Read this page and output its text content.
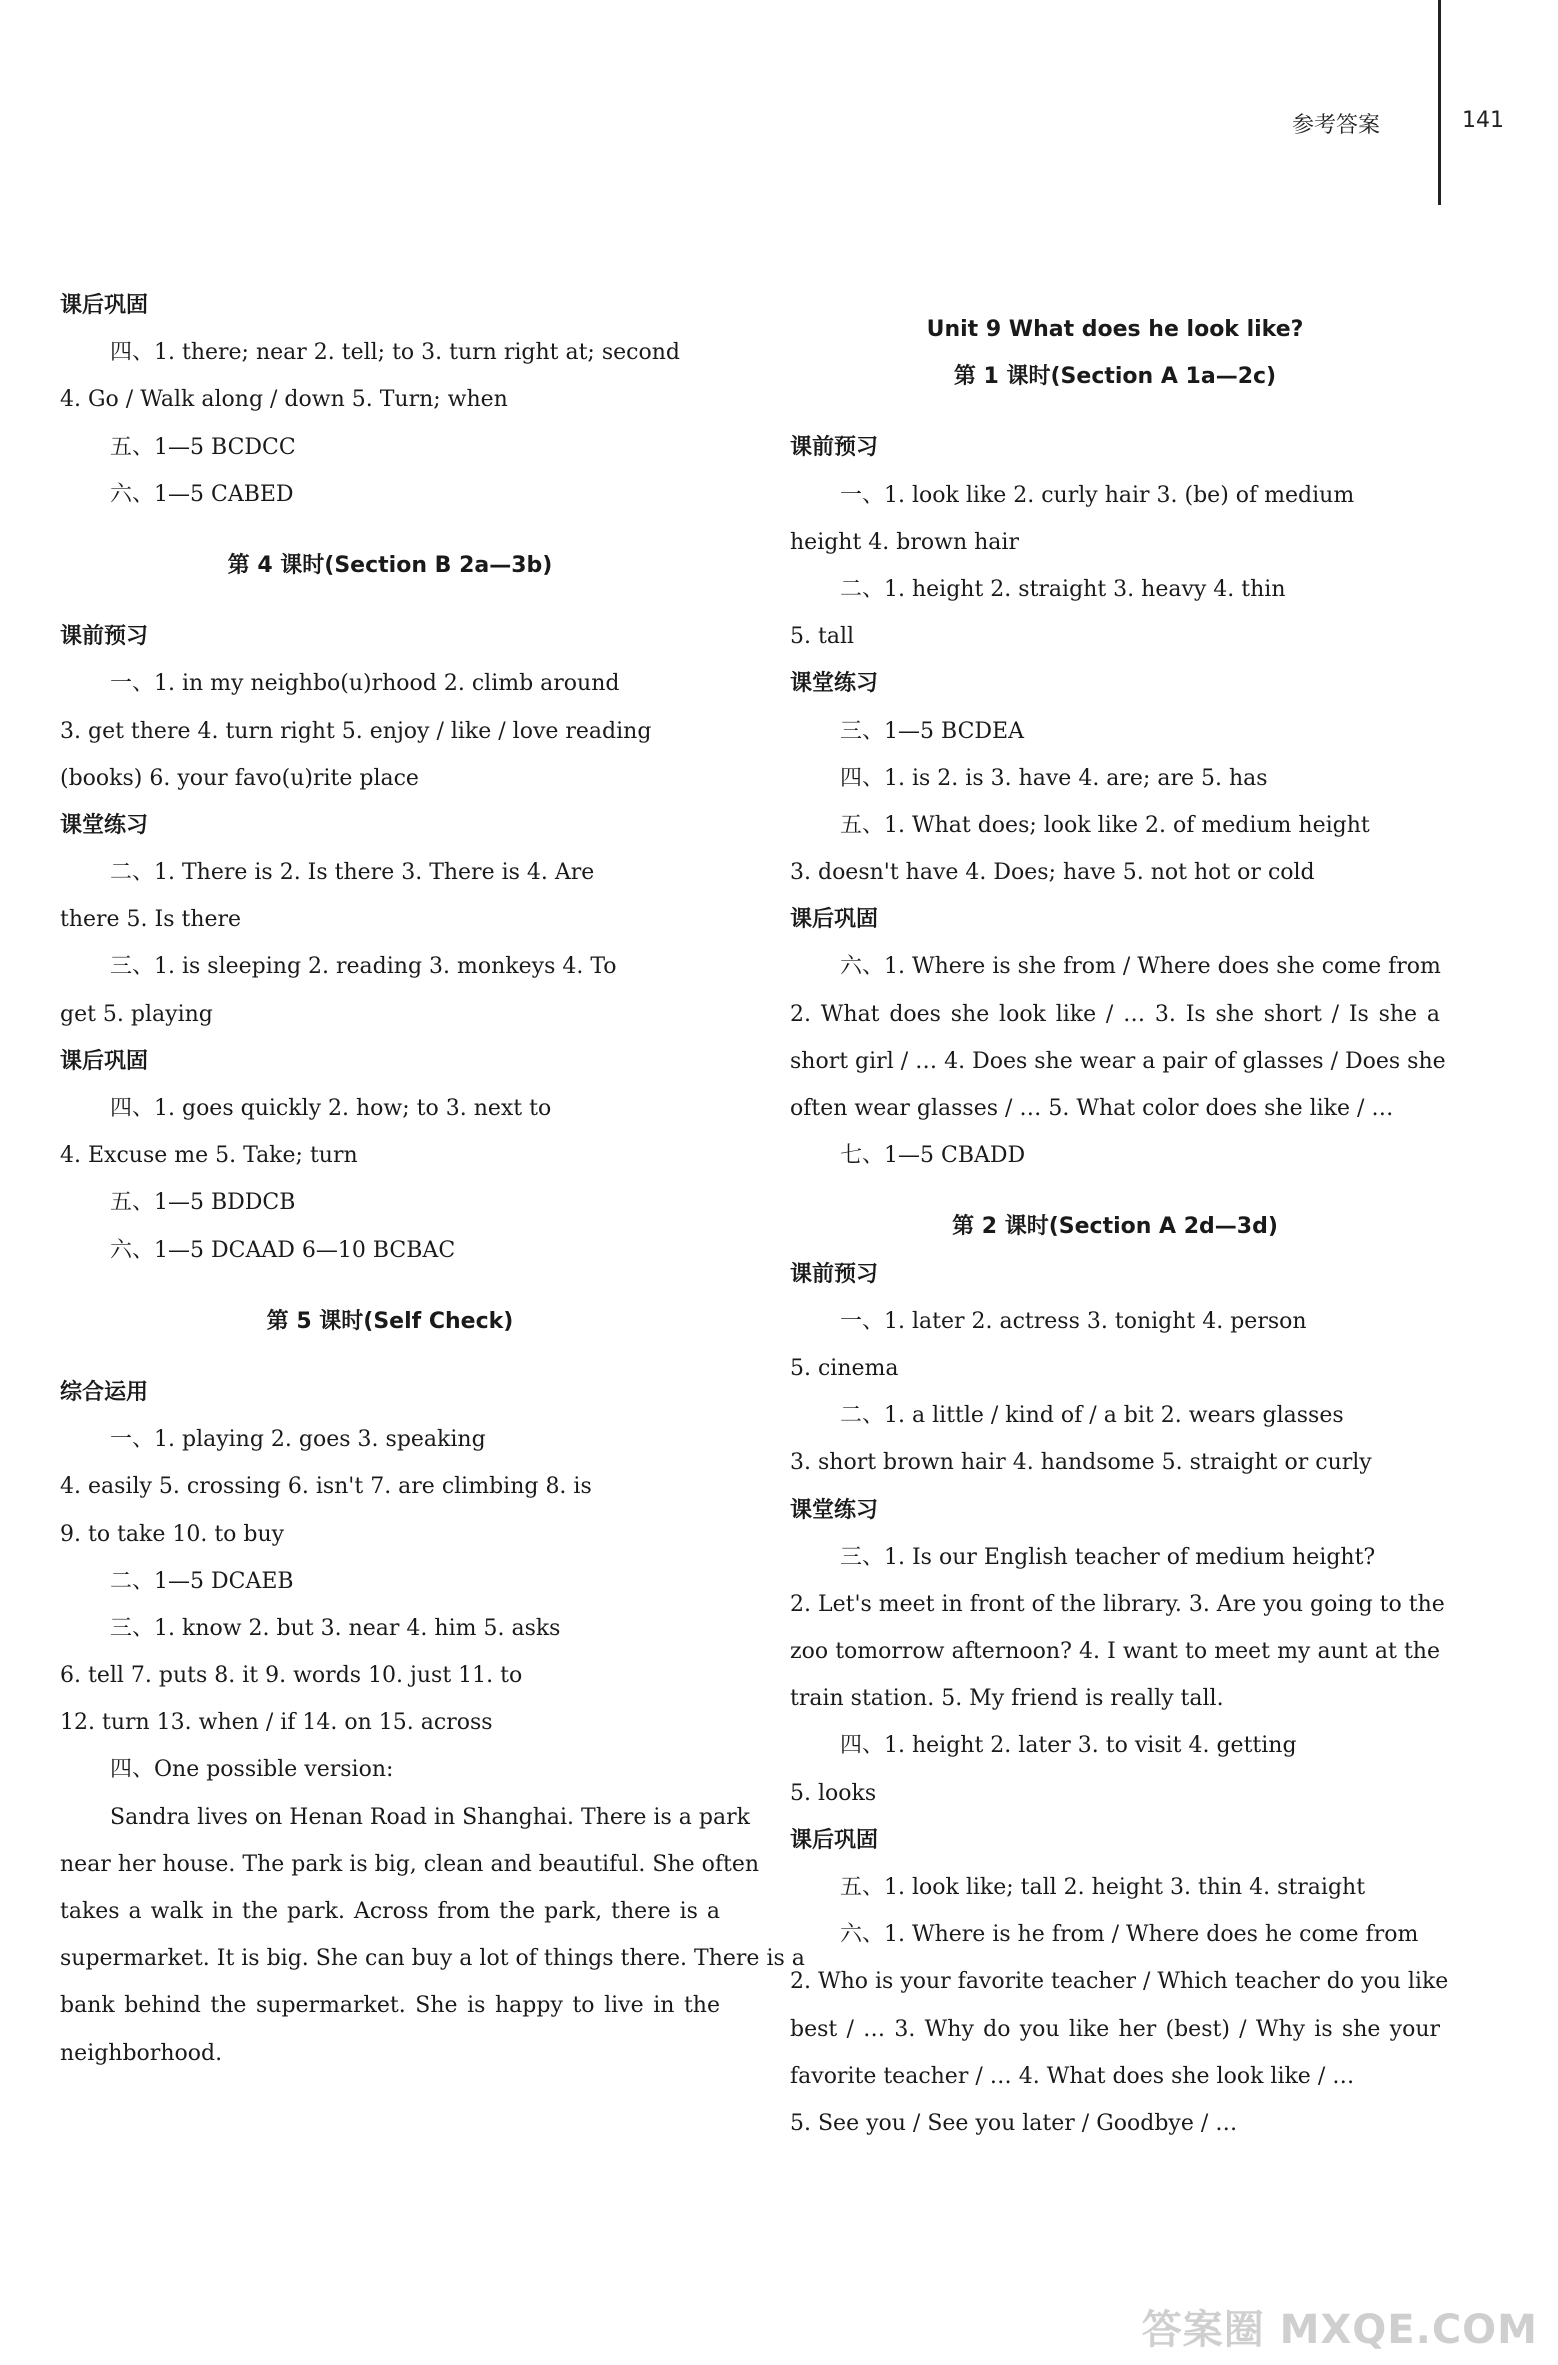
参考答案	141
课后巩固
四、1. there; near 2. tell; to 3. turn right at; second
4. Go / Walk along / down 5. Turn; when
五、1—5 BCDCC
六、1—5 CABED
第 4 课时(Section B 2a—3b)
课前预习
一、1. in my neighbo(u)rhood 2. climb around
3. get there 4. turn right 5. enjoy / like / love reading
(books) 6. your favo(u)rite place
课堂练习
二、1. There is 2. Is there 3. There is 4. Are
there 5. Is there
三、1. is sleeping 2. reading 3. monkeys 4. To
get 5. playing
课后巩固
四、1. goes quickly 2. how; to 3. next to
4. Excuse me 5. Take; turn
五、1—5 BDDCB
六、1—5 DCAAD 6—10 BCBAC
第 5 课时(Self Check)
综合运用
一、1. playing 2. goes 3. speaking
4. easily 5. crossing 6. isn't 7. are climbing 8. is
9. to take 10. to buy
二、1—5 DCAEB
三、1. know 2. but 3. near 4. him 5. asks
6. tell 7. puts 8. it 9. words 10. just 11. to
12. turn 13. when / if 14. on 15. across
四、One possible version:
Sandra lives on Henan Road in Shanghai. There is a park
near her house. The park is big, clean and beautiful. She often
takes a walk in the park. Across from the park, there is a
supermarket. It is big. She can buy a lot of things there. There is a
bank behind the supermarket. She is happy to live in the
neighborhood.
Unit 9 What does he look like?
第 1 课时(Section A 1a—2c)
课前预习
一、1. look like 2. curly hair 3. (be) of medium
height 4. brown hair
二、1. height 2. straight 3. heavy 4. thin
5. tall
课堂练习
三、1—5 BCDEA
四、1. is 2. is 3. have 4. are; are 5. has
五、1. What does; look like 2. of medium height
3. doesn't have 4. Does; have 5. not hot or cold
课后巩固
六、1. Where is she from / Where does she come from
2. What does she look like / … 3. Is she short / Is she a
short girl / … 4. Does she wear a pair of glasses / Does she
often wear glasses / … 5. What color does she like / …
七、1—5 CBADD
第 2 课时(Section A 2d—3d)
课前预习
一、1. later 2. actress 3. tonight 4. person
5. cinema
二、1. a little / kind of / a bit 2. wears glasses
3. short brown hair 4. handsome 5. straight or curly
课堂练习
三、1. Is our English teacher of medium height?
2. Let's meet in front of the library. 3. Are you going to the
zoo tomorrow afternoon? 4. I want to meet my aunt at the
train station. 5. My friend is really tall.
四、1. height 2. later 3. to visit 4. getting
5. looks
课后巩固
五、1. look like; tall 2. height 3. thin 4. straight
六、1. Where is he from / Where does he come from
2. Who is your favorite teacher / Which teacher do you like
best / … 3. Why do you like her (best) / Why is she your
favorite teacher / … 4. What does she look like / …
5. See you / See you later / Goodbye / …
答案圈 MXQE.COM
